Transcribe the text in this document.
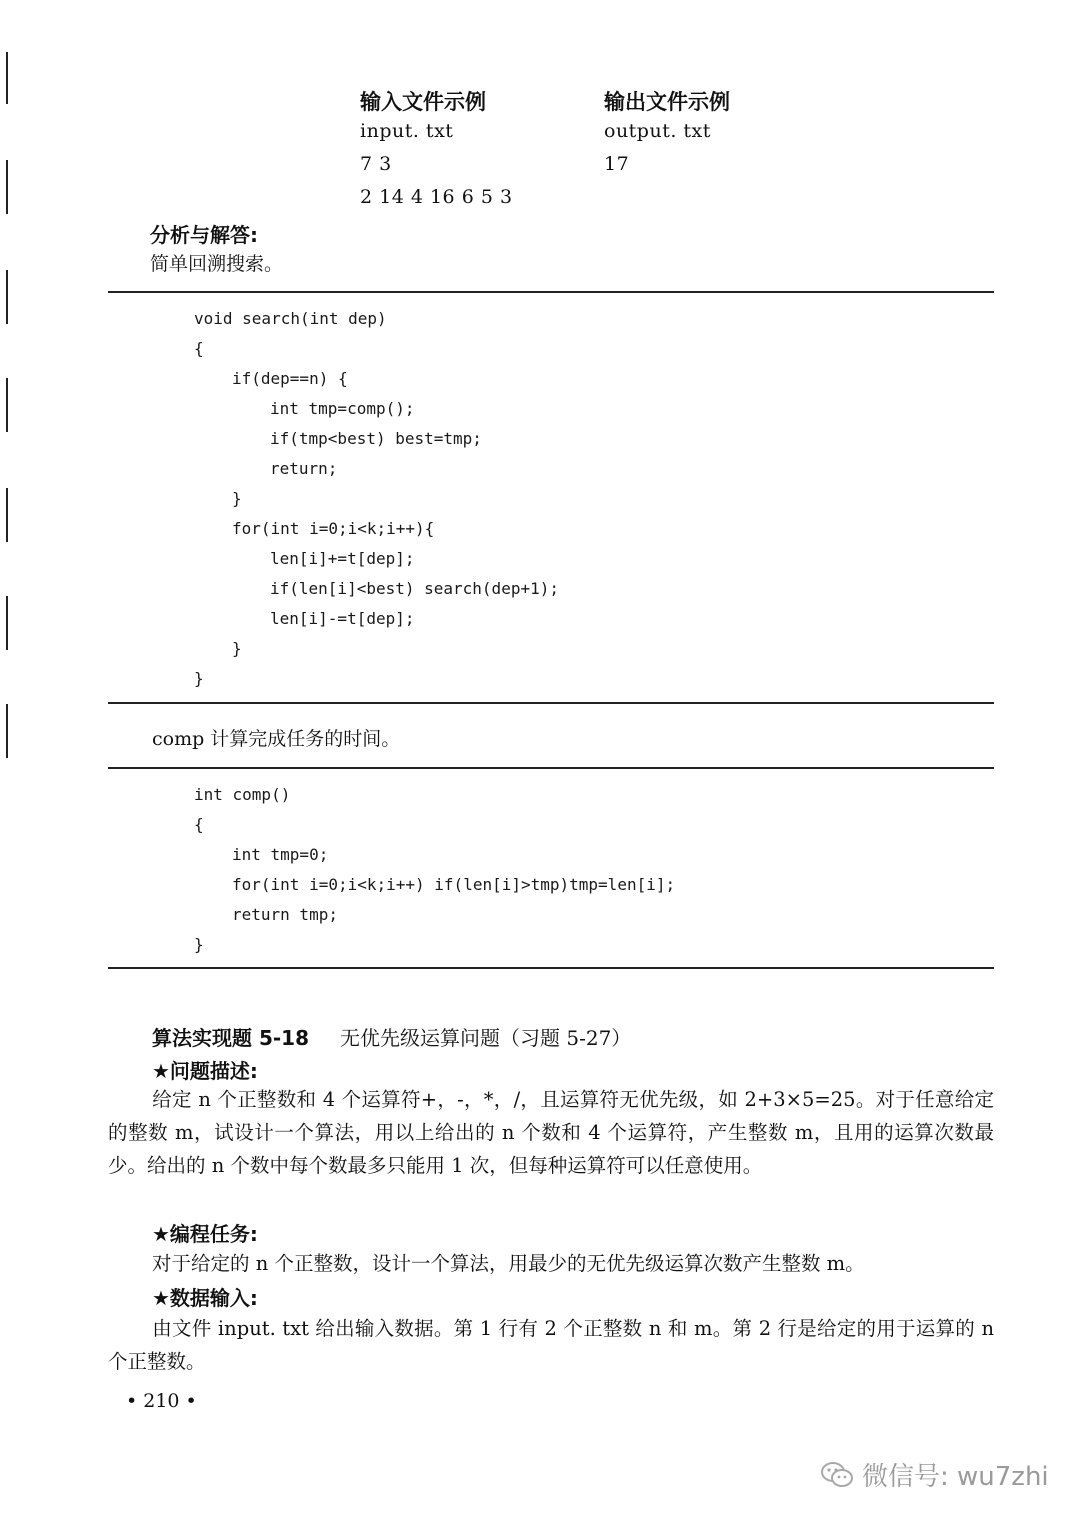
输入文件示例
input. txt
7 3
2 14 4 16 6 5 3
输出文件示例
output. txt
17
分析与解答:
简单回溯搜索。
void search(int dep)
{
if(dep==n) {
int tmp=comp();
if(tmp<best) best=tmp;
return;
}
for(int i=0;i<k;i++){
len[i]+=t[dep];
if(len[i]<best) search(dep+1);
len[i]-=t[dep];
}
}
comp 计算完成任务的时间。
int comp()
{
int tmp=0;
for(int i=0;i<k;i++) if(len[i]>tmp)tmp=len[i];
return tmp;
}
算法实现题 5-18 无优先级运算问题（习题 5-27）
★问题描述:
给定 n 个正整数和 4 个运算符+，-，*，/，且运算符无优先级，如 2+3×5=25。对于任意给定的整数 m，试设计一个算法，用以上给出的 n 个数和 4 个运算符，产生整数 m，且用的运算次数最少。给出的 n 个数中每个数最多只能用 1 次，但每种运算符可以任意使用。
★编程任务:
对于给定的 n 个正整数，设计一个算法，用最少的无优先级运算次数产生整数 m。
★数据输入:
由文件 input. txt 给出输入数据。第 1 行有 2 个正整数 n 和 m。第 2 行是给定的用于运算的 n 个正整数。
• 210 •
微信号: wu7zhi
